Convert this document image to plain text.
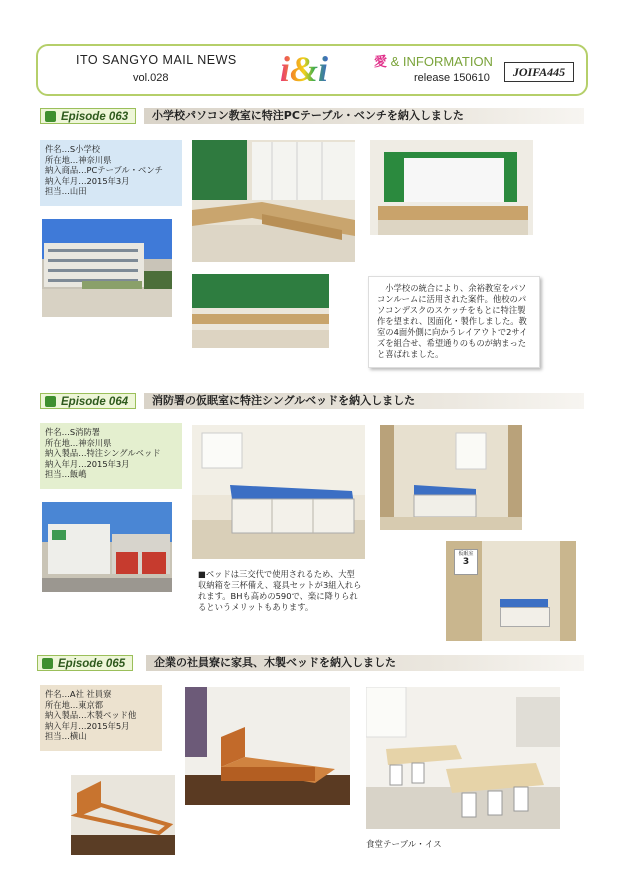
ITO SANGYO MAIL NEWS
vol.028	i&i	愛 & INFORMATION
release 150610	JOIFA445
Episode 063	小学校パソコン教室に特注PCテーブル・ベンチを納入しました
件名…S小学校
所在地…神奈川県
納入商品…PCテーブル・ベンチ
納入年月…2015年3月
担当…山田
　小学校の統合により、余裕教室をパソコンルームに活用された案件。他校のパソコンデスクのスケッチをもとに特注製作を望まれ、図面化・製作しました。教室の4面外側に向かうレイアウトで2サイズを組合せ、希望通りのものが納まったと喜ばれました。
Episode 064	消防署の仮眠室に特注シングルベッドを納入しました
件名…S消防署
所在地…神奈川県
納入製品…特注シングルベッド
納入年月…2015年3月
担当…飯嶋
■ベッドは三交代で使用されるため、大型
収納箱を三杯備え、寝具セットが3組入れら
れます。BHも高めの590で、楽に降りられ
るというメリットもあります。
仮眠室
3
Episode 065	企業の社員寮に家具、木製ベッドを納入しました
件名…A社 社員寮
所在地…東京都
納入製品…木製ベッド他
納入年月…2015年5月
担当…横山
食堂テーブル・イス
